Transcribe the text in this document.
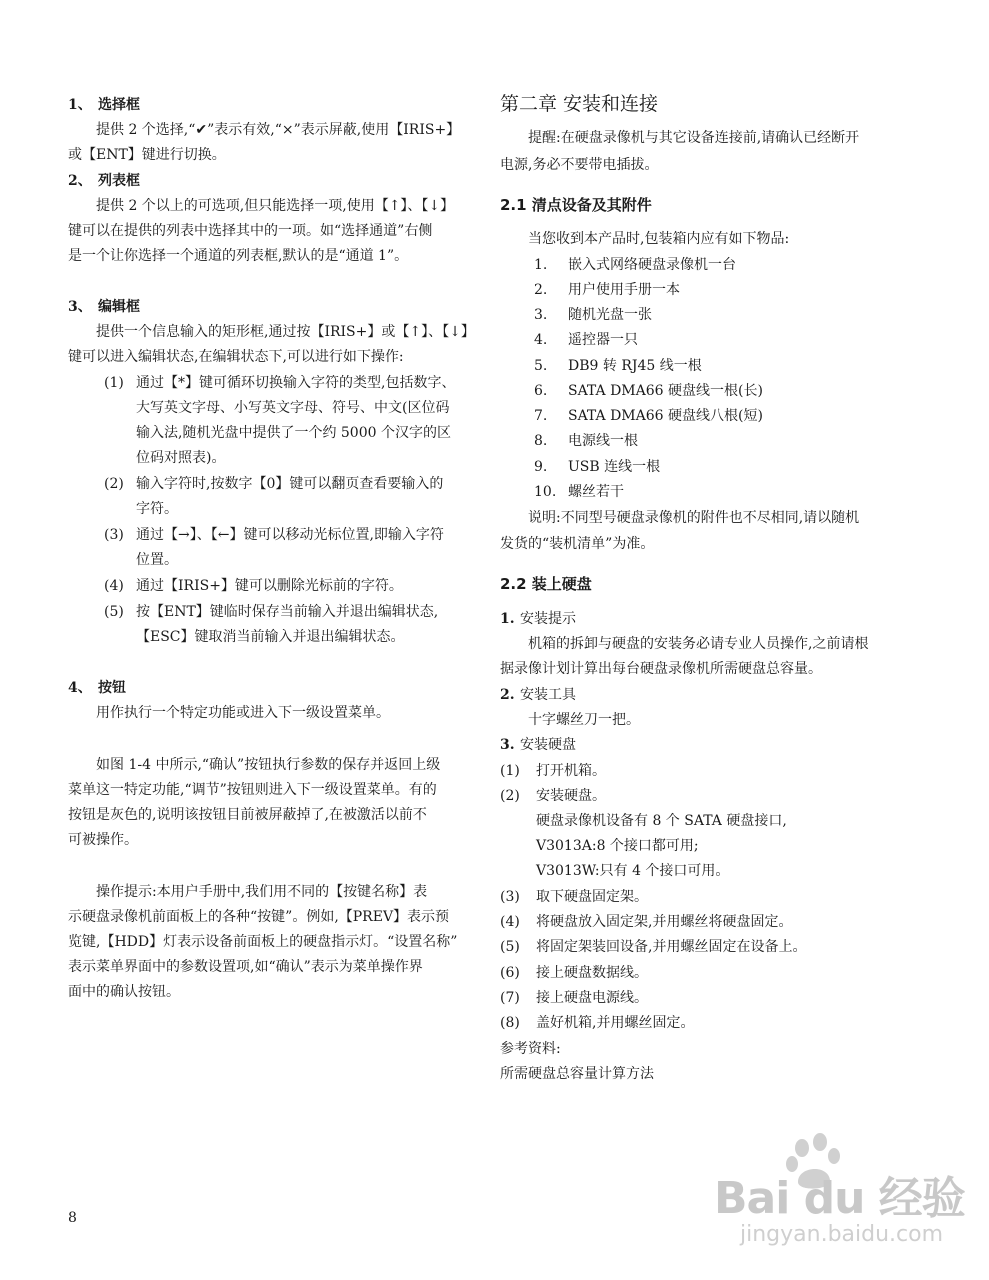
1、 选择框
提供 2 个选择,“✔”表示有效,“×”表示屏蔽,使用【IRIS+】
或【ENT】键进行切换。
2、 列表框
提供 2 个以上的可选项,但只能选择一项,使用【↑】、【↓】
键可以在提供的列表中选择其中的一项。如“选择通道”右侧
是一个让你选择一个通道的列表框,默认的是“通道 1”。
3、 编辑框
提供一个信息输入的矩形框,通过按【IRIS+】或【↑】、【↓】
键可以进入编辑状态,在编辑状态下,可以进行如下操作:
(1) 通过【*】键可循环切换输入字符的类型,包括数字、
大写英文字母、小写英文字母、符号、中文(区位码
输入法,随机光盘中提供了一个约 5000 个汉字的区
位码对照表)。
(2) 输入字符时,按数字【0】键可以翻页查看要输入的
字符。
(3) 通过【→】、【←】键可以移动光标位置,即输入字符
位置。
(4) 通过【IRIS+】键可以删除光标前的字符。
(5) 按【ENT】键临时保存当前输入并退出编辑状态,
【ESC】键取消当前输入并退出编辑状态。
4、 按钮
用作执行一个特定功能或进入下一级设置菜单。
如图 1-4 中所示,“确认”按钮执行参数的保存并返回上级
菜单这一特定功能,“调节”按钮则进入下一级设置菜单。有的
按钮是灰色的,说明该按钮目前被屏蔽掉了,在被激活以前不
可被操作。
操作提示:本用户手册中,我们用不同的【按键名称】表
示硬盘录像机前面板上的各种“按键”。例如,【PREV】表示预
览键,【HDD】灯表示设备前面板上的硬盘指示灯。“设置名称”
表示菜单界面中的参数设置项,如“确认”表示为菜单操作界
面中的确认按钮。
第二章 安装和连接
提醒:在硬盘录像机与其它设备连接前,请确认已经断开
电源,务必不要带电插拔。
2.1 清点设备及其附件
当您收到本产品时,包装箱内应有如下物品:
1. 嵌入式网络硬盘录像机一台
2. 用户使用手册一本
3. 随机光盘一张
4. 遥控器一只
5. DB9 转 RJ45 线一根
6. SATA DMA66 硬盘线一根(长)
7. SATA DMA66 硬盘线八根(短)
8. 电源线一根
9. USB 连线一根
10. 螺丝若干
说明:不同型号硬盘录像机的附件也不尽相同,请以随机
发货的“装机清单”为准。
2.2 装上硬盘
1. 安装提示
机箱的拆卸与硬盘的安装务必请专业人员操作,之前请根
据录像计划计算出每台硬盘录像机所需硬盘总容量。
2. 安装工具
十字螺丝刀一把。
3. 安装硬盘
(1) 打开机箱。
(2) 安装硬盘。
硬盘录像机设备有 8 个 SATA 硬盘接口,
V3013A:8 个接口都可用;
V3013W:只有 4 个接口可用。
(3) 取下硬盘固定架。
(4) 将硬盘放入固定架,并用螺丝将硬盘固定。
(5) 将固定架装回设备,并用螺丝固定在设备上。
(6) 接上硬盘数据线。
(7) 接上硬盘电源线。
(8) 盖好机箱,并用螺丝固定。
参考资料:
所需硬盘总容量计算方法
8	Bai du 经验
jingyan.baidu.com
